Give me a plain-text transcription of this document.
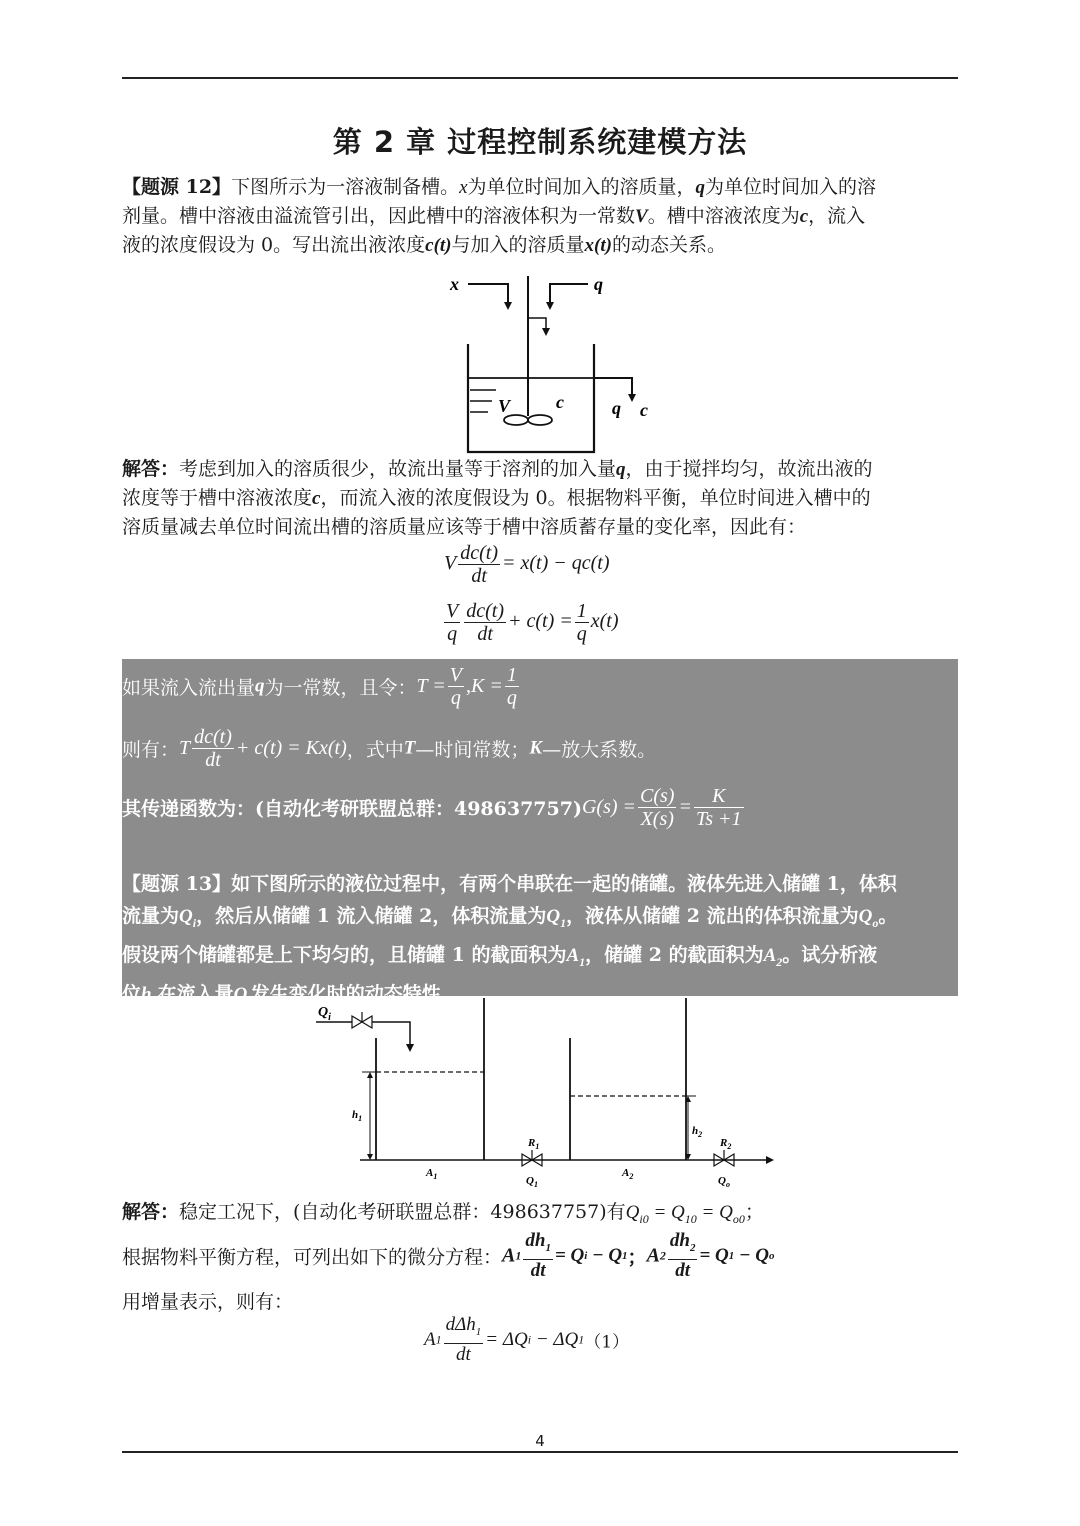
第 2 章 过程控制系统建模方法
【题源 12】下图所示为一溶液制备槽。x为单位时间加入的溶质量，q为单位时间加入的溶
剂量。槽中溶液由溢流管引出，因此槽中的溶液体积为一常数V。槽中溶液浓度为c，流入
液的浓度假设为 0。写出流出液浓度c(t)与加入的溶质量x(t)的动态关系。
x	q
V	c	q c
解答：考虑到加入的溶质很少，故流出量等于溶剂的加入量q，由于搅拌均匀，故流出液的
浓度等于槽中溶液浓度c，而流入液的浓度假设为 0。根据物料平衡，单位时间进入槽中的
溶质量减去单位时间流出槽的溶质量应该等于槽中溶质蓄存量的变化率，因此有：
V $\frac{dc(t)}{dt} = x(t) - qc(t)$
$\frac{V}{q} \frac{dc(t)}{dt} + c(t) = \frac{1}{q} x(t)$
如果流入流出量q为一常数，且令：$T = \frac{V}{q} ,K = \frac{1}{q}$
则有：T $\frac{dc(t)}{dt} + c(t) = Kx(t)$，式中T—时间常数；K—放大系数。
其传递函数为：(自动化考研联盟总群：$498637757)G(s) = \frac{C(s)}{X(s)} = \frac{K}{Ts +1}$
【题源 13】如下图所示的液位过程中，有两个串联在一起的储罐。液体先进入储罐 1，体积
流量为$Q_i$，然后从储罐 1 流入储罐 2，体积流量为$Q_1$，液体从储罐 2 流出的体积流量为$Q_o$。
假设两个储罐都是上下均匀的，且储罐 1 的截面积为$A_1$，储罐 2 的截面积为$A_2$。试分析液
位$h_2$在流入量$Q_i$发生变化时的动态特性。
$Q_i$
$h_1$
$h_2$
$R_1$	$R_2$
$A_1$	$A_2$
$Q_1$	$Q_o$
解答：稳定工况下，(自动化考研联盟总群：498637757)有$Q_{i0} = Q_{10} = Q_{o0}$；
根据物料平衡方程，可列出如下的微分方程：$A1 \frac{dh_1}{dt} = Qi - Q1$；$A2 \frac{dh_2}{dt} = Q1 - Qo$
用增量表示，则有：
$A1 \frac{d\Delta h_1}{dt} = \Delta Qi - \Delta Q1(1)$
4
